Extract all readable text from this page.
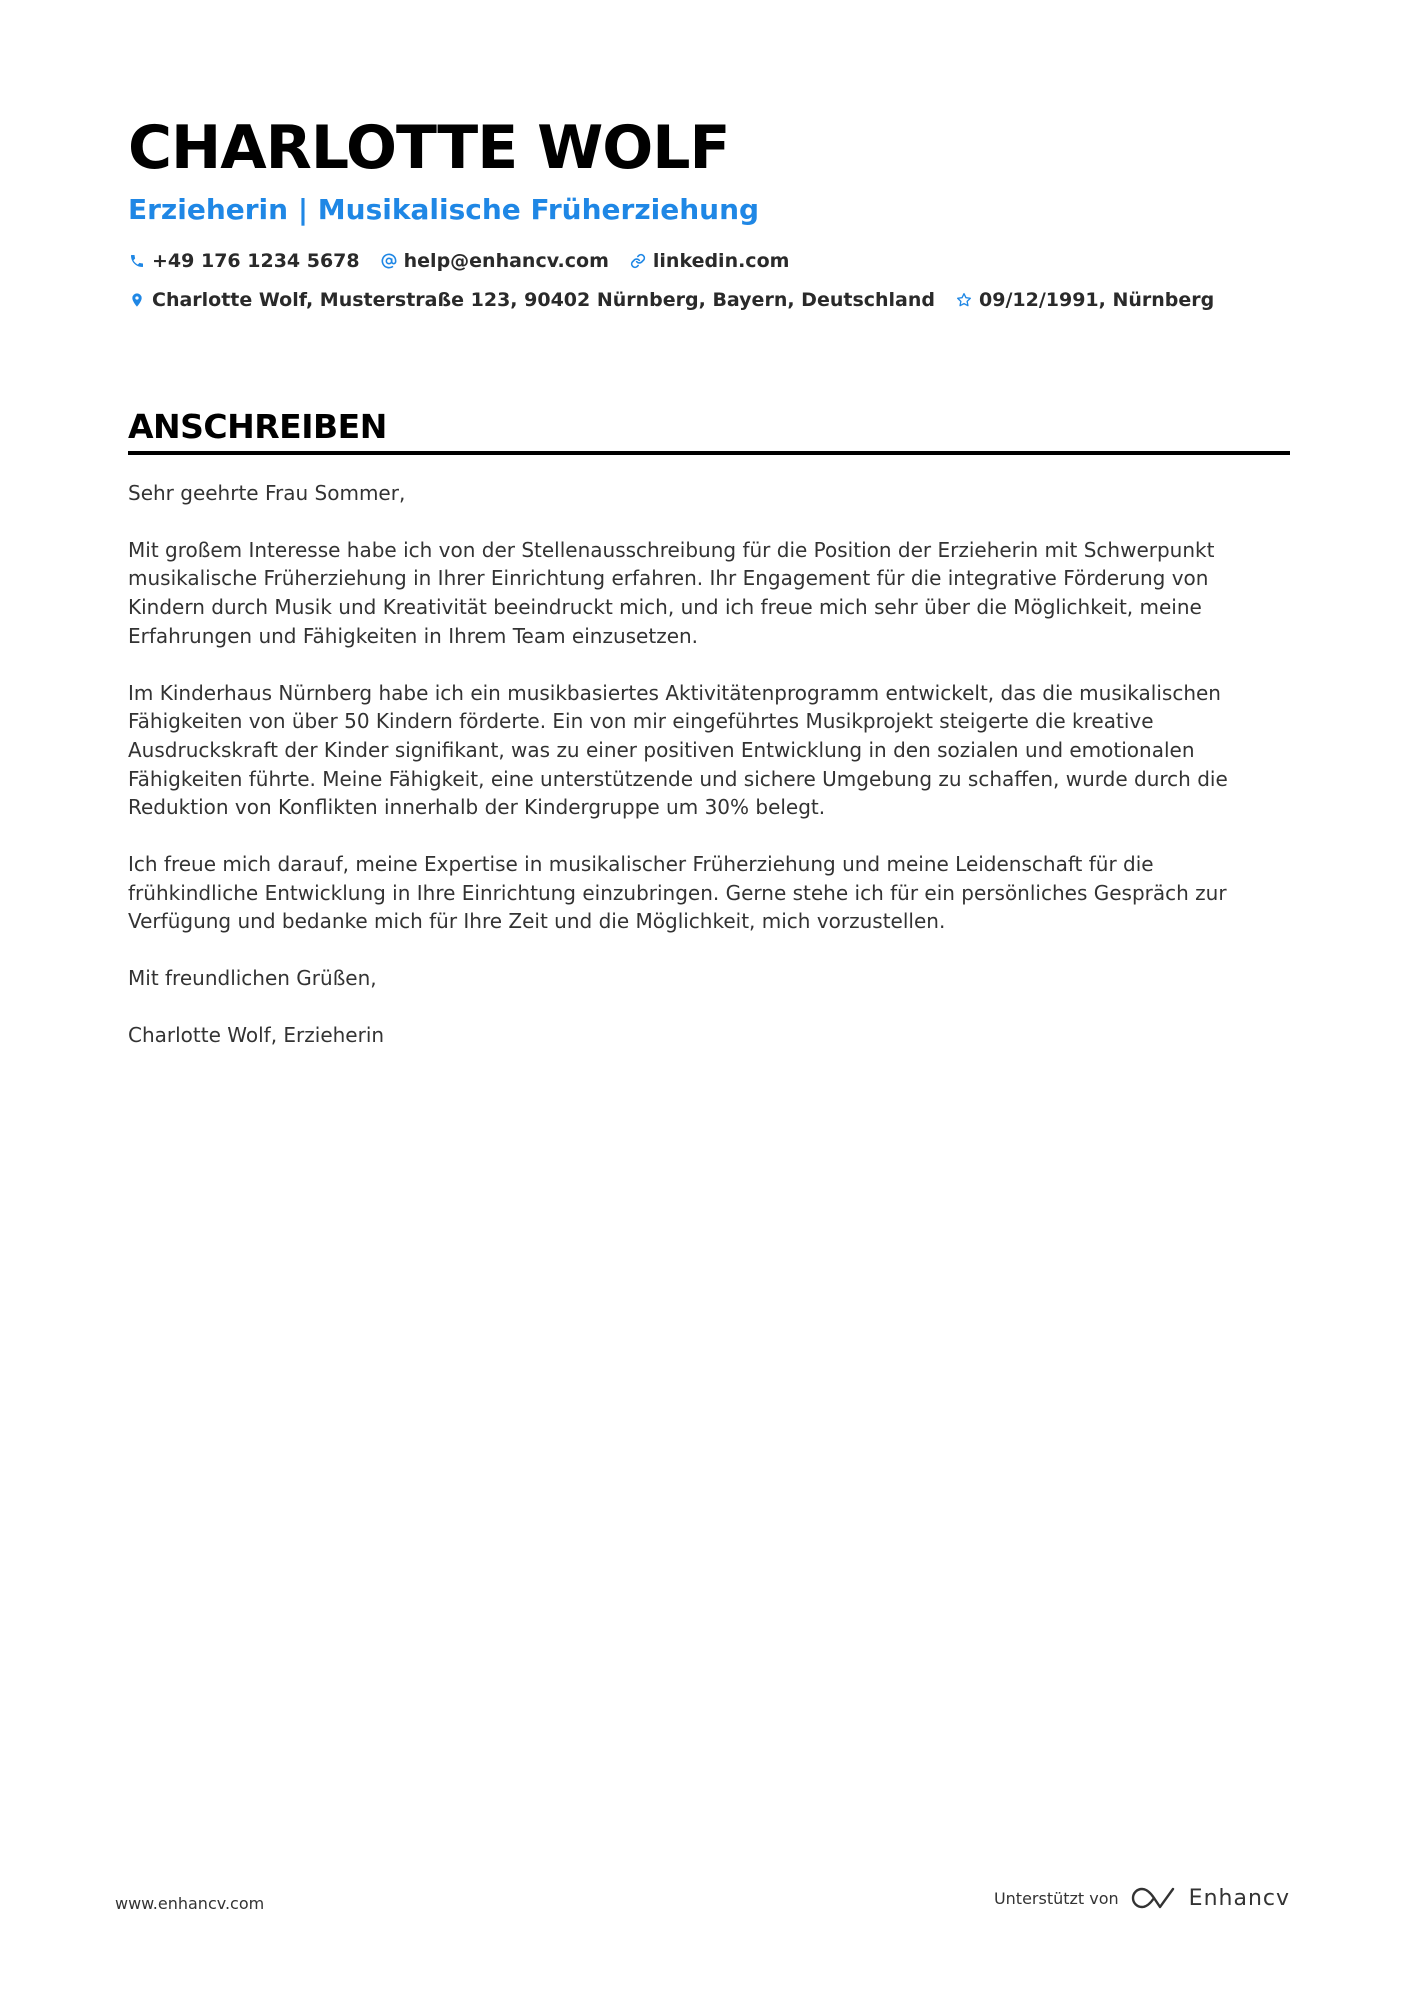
CHARLOTTE WOLF
Erzieherin | Musikalische Früherziehung
+49 176 1234 5678 help@enhancv.com linkedin.com
Charlotte Wolf, Musterstraße 123, 90402 Nürnberg, Bayern, Deutschland 09/12/1991, Nürnberg
ANSCHREIBEN

Sehr geehrte Frau Sommer,

Mit großem Interesse habe ich von der Stellenausschreibung für die Position der Erzieherin mit Schwerpunkt musikalische Früherziehung in Ihrer Einrichtung erfahren. Ihr Engagement für die integrative Förderung von Kindern durch Musik und Kreativität beeindruckt mich, und ich freue mich sehr über die Möglichkeit, meine Erfahrungen und Fähigkeiten in Ihrem Team einzusetzen.

Im Kinderhaus Nürnberg habe ich ein musikbasiertes Aktivitätenprogramm entwickelt, das die musikalischen Fähigkeiten von über 50 Kindern förderte. Ein von mir eingeführtes Musikprojekt steigerte die kreative Ausdruckskraft der Kinder signifikant, was zu einer positiven Entwicklung in den sozialen und emotionalen Fähigkeiten führte. Meine Fähigkeit, eine unterstützende und sichere Umgebung zu schaffen, wurde durch die Reduktion von Konflikten innerhalb der Kindergruppe um 30% belegt.

Ich freue mich darauf, meine Expertise in musikalischer Früherziehung und meine Leidenschaft für die frühkindliche Entwicklung in Ihre Einrichtung einzubringen. Gerne stehe ich für ein persönliches Gespräch zur Verfügung und bedanke mich für Ihre Zeit und die Möglichkeit, mich vorzustellen.

Mit freundlichen Grüßen,

Charlotte Wolf, Erzieherin

www.enhancv.com	Unterstützt von	Enhancv
